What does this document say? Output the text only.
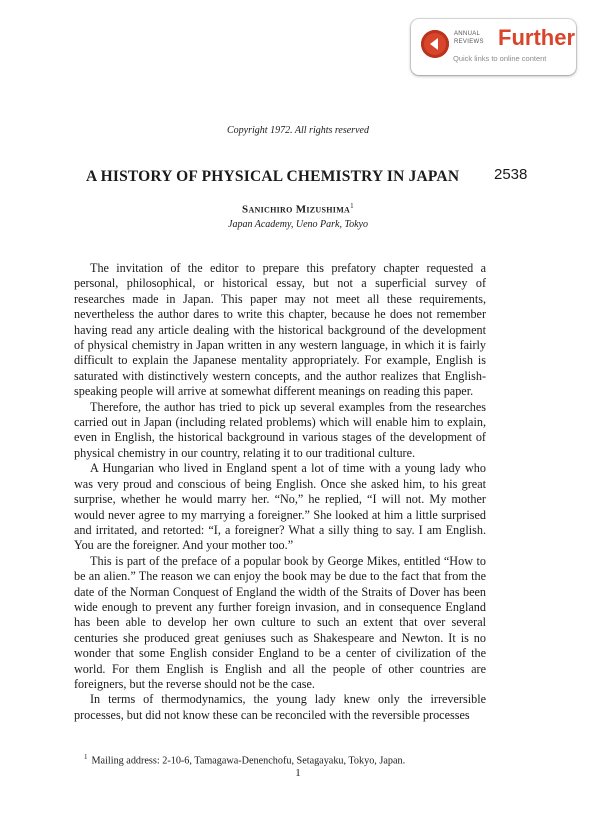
ANNUAL REVIEWS Further
Quick links to online content
Copyright 1972. All rights reserved
A HISTORY OF PHYSICAL CHEMISTRY IN JAPAN	2538
Sanichiro Mizushima$^1$
Japan Academy, Ueno Park, Tokyo

The invitation of the editor to prepare this prefatory chapter requested a personal, philosophical, or historical essay, but not a superficial survey of researches made in Japan. This paper may not meet all these requirements, nevertheless the author dares to write this chapter, because he does not remember having read any article dealing with the historical background of the development of physical chemistry in Japan written in any western language, in which it is fairly difficult to explain the Japanese mentality appropriately. For example, English is saturated with distinctively western concepts, and the author realizes that English-speaking people will arrive at somewhat different meanings on reading this paper.

Therefore, the author has tried to pick up several examples from the researches carried out in Japan (including related problems) which will enable him to explain, even in English, the historical background in various stages of the development of physical chemistry in our country, relating it to our traditional culture.

A Hungarian who lived in England spent a lot of time with a young lady who was very proud and conscious of being English. Once she asked him, to his great surprise, whether he would marry her. “No,” he replied, “I will not. My mother would never agree to my marrying a foreigner.” She looked at him a little surprised and irritated, and retorted: “I, a foreigner? What a silly thing to say. I am English. You are the foreigner. And your mother too.”

This is part of the preface of a popular book by George Mikes, entitled “How to be an alien.” The reason we can enjoy the book may be due to the fact that from the date of the Norman Conquest of England the width of the Straits of Dover has been wide enough to prevent any further foreign invasion, and in consequence England has been able to develop her own culture to such an extent that over several centuries she produced great geniuses such as Shakespeare and Newton. It is no wonder that some English consider England to be a center of civilization of the world. For them English is English and all the people of other countries are foreigners, but the reverse should not be the case.

In terms of thermodynamics, the young lady knew only the irreversible processes, but did not know these can be reconciled with the reversible processes

$^1$ Mailing address: 2-10-6, Tamagawa-Denenchofu, Setagayaku, Tokyo, Japan.
1
